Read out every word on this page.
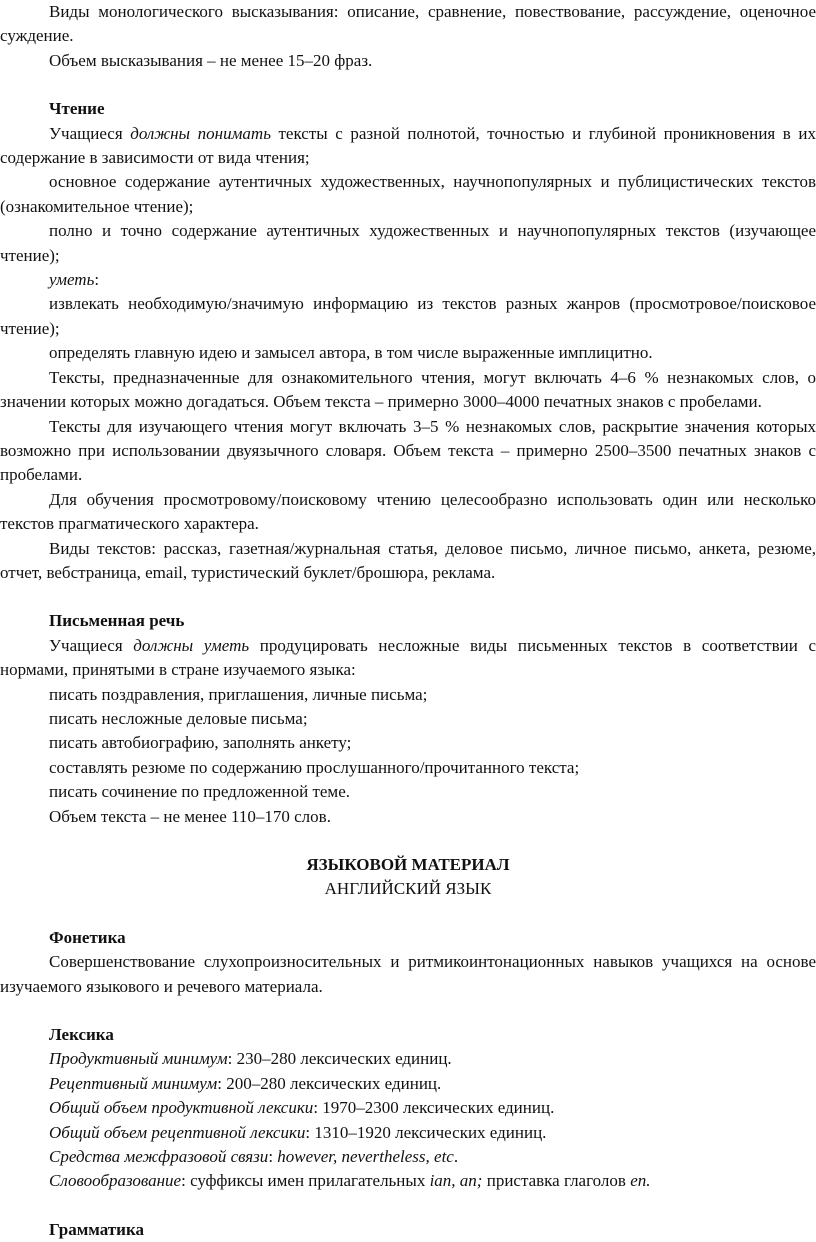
Виды монологического высказывания: описание, сравнение, повествование, рассуждение, оценочное суждение.

Объем высказывания – не менее 15–20 фраз.

Чтение

Учащиеся должны понимать тексты с разной полнотой, точностью и глубиной проникновения в их содержание в зависимости от вида чтения;

основное содержание аутентичных художественных, научнопопулярных и публицистических текстов (ознакомительное чтение);

полно и точно содержание аутентичных художественных и научнопопулярных текстов (изучающее чтение);

уметь:

извлекать необходимую/значимую информацию из текстов разных жанров (просмотровое/поисковое чтение);

определять главную идею и замысел автора, в том числе выраженные имплицитно.

Тексты, предназначенные для ознакомительного чтения, могут включать 4–6 % незнакомых слов, о значении которых можно догадаться. Объем текста – примерно 3000–4000 печатных знаков с пробелами.

Тексты для изучающего чтения могут включать 3–5 % незнакомых слов, раскрытие значения которых возможно при использовании двуязычного словаря. Объем текста – примерно 2500–3500 печатных знаков с пробелами.

Для обучения просмотровому/поисковому чтению целесообразно использовать один или несколько текстов прагматического характера.

Виды текстов: рассказ, газетная/журнальная статья, деловое письмо, личное письмо, анкета, резюме, отчет, вебстраница, email, туристический буклет/брошюра, реклама.

Письменная речь

Учащиеся должны уметь продуцировать несложные виды письменных текстов в соответствии с нормами, принятыми в стране изучаемого языка:

писать поздравления, приглашения, личные письма;

писать несложные деловые письма;

писать автобиографию, заполнять анкету;

составлять резюме по содержанию прослушанного/прочитанного текста;

писать сочинение по предложенной теме.

Объем текста – не менее 110–170 слов.

ЯЗЫКОВОЙ МАТЕРИАЛ

АНГЛИЙСКИЙ ЯЗЫК

Фонетика

Совершенствование слухопроизносительных и ритмикоинтонационных навыков учащихся на основе изучаемого языкового и речевого материала.

Лексика

Продуктивный минимум: 230–280 лексических единиц.

Рецептивный минимум: 200–280 лексических единиц.

Общий объем продуктивной лексики: 1970–2300 лексических единиц.

Общий объем рецептивной лексики: 1310–1920 лексических единиц.

Средства межфразовой связи: however, nevertheless, etc.

Словообразование: суффиксы имен прилагательных ian, an; приставка глаголов en.

Грамматика
